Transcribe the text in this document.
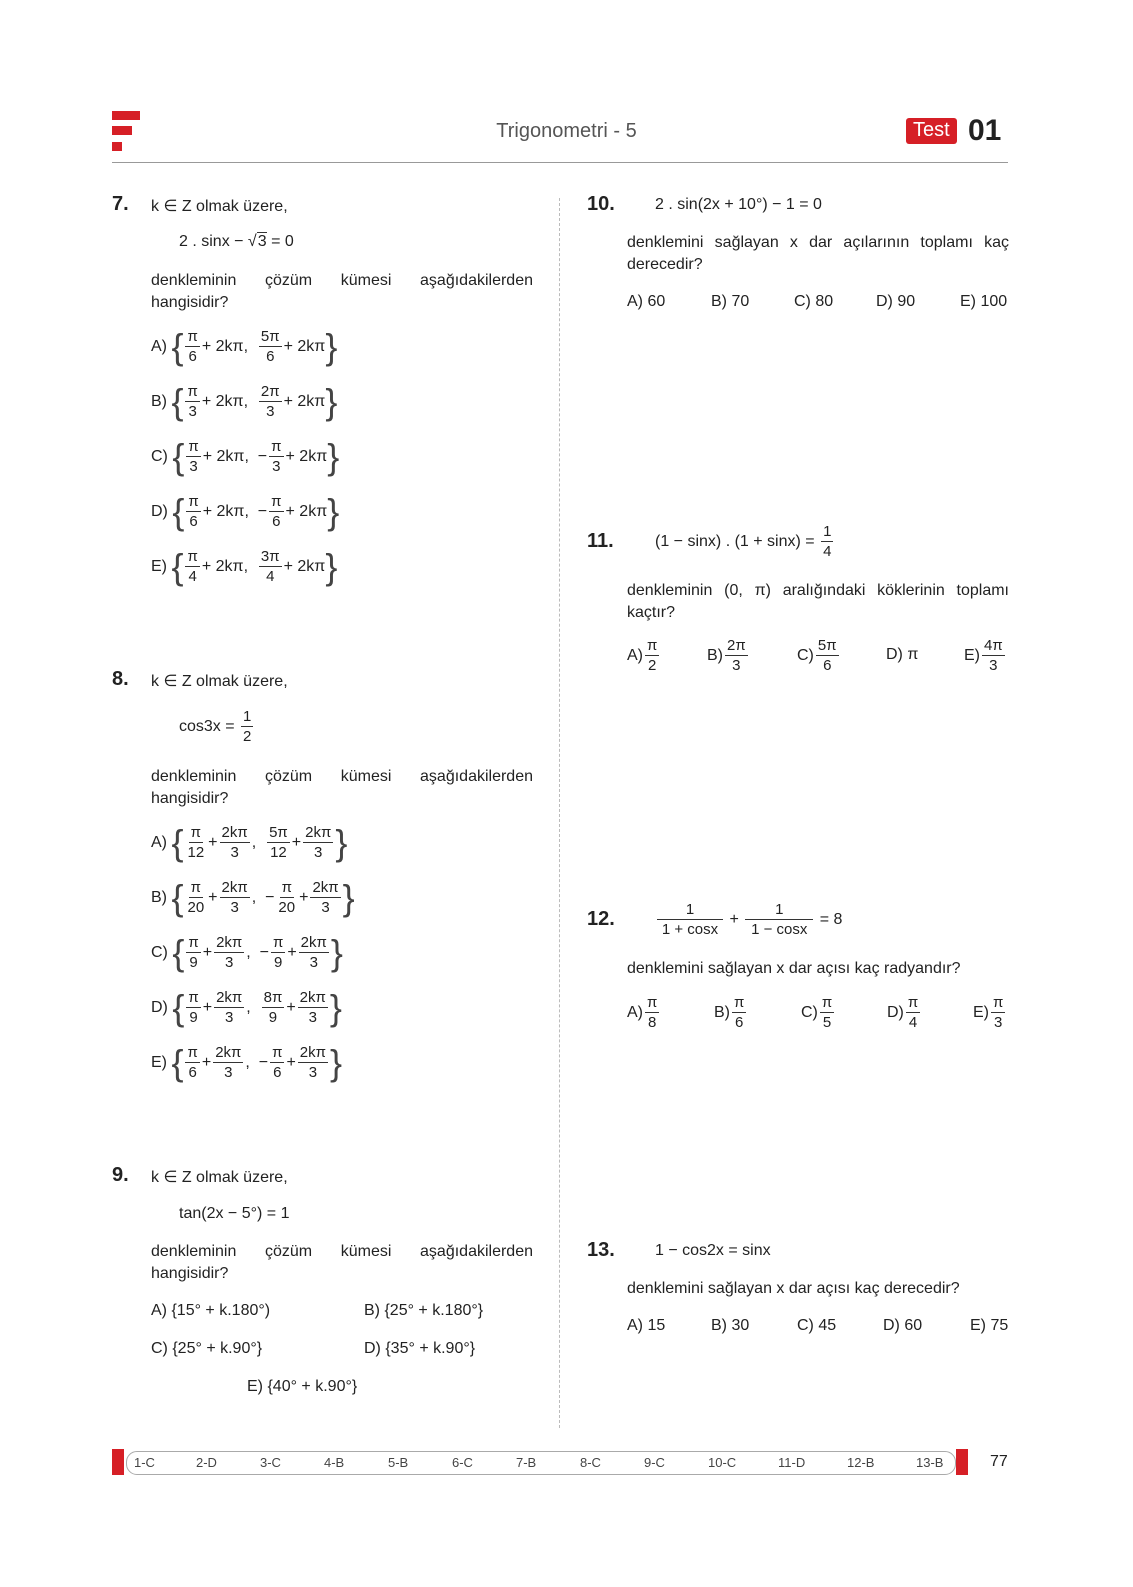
Trigonometri - 5	Test 01
7. k ∈ Z olmak üzere,
2 . sinx − √3 = 0
denkleminin çözüm kümesi aşağıdakilerden hangisidir?
A)
{ $\frac{\pi}{6} + 2k\pi$,
$\frac{5\pi}{6} + 2k\pi$ }
B)
{ $\frac{\pi}{3} + 2k\pi$,
$\frac{2\pi}{3} + 2k\pi$ }
C)
{ $\frac{\pi}{3} + 2k\pi$,
− $\frac{\pi}{3} + 2k\pi$ }
D)
{ $\frac{\pi}{6} + 2k\pi$,
− $\frac{\pi}{6} + 2k\pi$ }
E)
{ $\frac{\pi}{4} + 2k\pi$,
$\frac{3\pi}{4} + 2k\pi$ }
8. k ∈ Z olmak üzere,
cos3x =
$\frac{1}{2}$
denkleminin çözüm kümesi aşağıdakilerden hangisidir?
A)
{ $\frac{\pi}{12} + \frac{2k\pi}{3}$ ,
$\frac{5\pi}{12} + \frac{2k\pi}{3}$ }
B)
{ $\frac{\pi}{20} + \frac{2k\pi}{3}$ ,
− $\frac{\pi}{20} + \frac{2k\pi}{3}$ }
C)
{ $\frac{\pi}{9} + \frac{2k\pi}{3}$ ,
− $\frac{\pi}{9} + \frac{2k\pi}{3}$ }
D)
{ $\frac{\pi}{9} + \frac{2k\pi}{3}$ ,
$\frac{8\pi}{9} + \frac{2k\pi}{3}$ }
E)
{ $\frac{\pi}{6} + \frac{2k\pi}{3}$ ,
− $\frac{\pi}{6} + \frac{2k\pi}{3}$ }
9. k ∈ Z olmak üzere,
tan(2x − 5°) = 1
denkleminin çözüm kümesi aşağıdakilerden hangisidir?
A) {15° + k.180°)	B) {25° + k.180°}
C) {25° + k.90°}	D) {35° + k.90°}
E) {40° + k.90°}
10.	2 . sin(2x + 10°) − 1 = 0
denklemini sağlayan x dar açılarının toplamı kaç derecedir?
A) 60	B) 70	C) 80	D) 90	E) 100
11.	(1 − sinx) . (1 + sinx) =
$\frac{1}{4}$
denkleminin (0, π) aralığındaki köklerinin toplamı kaçtır?
$A) \frac{\pi}{2}$	$B) \frac{2\pi}{3}$	$C) \frac{5\pi}{6}$	D) π	$E) \frac{4\pi}{3}$
12.	$\frac{1}{1 + \cos x}$
+
$\frac{1}{1 - \cos x}$
= 8
denklemini sağlayan x dar açısı kaç radyandır?
$A) \frac{\pi}{8}$	$B) \frac{\pi}{6}$	$C) \frac{\pi}{5}$	$D) \frac{\pi}{4}$	$E) \frac{\pi}{3}$
13.	1 − cos2x = sinx
denklemini sağlayan x dar açısı kaç derecedir?
A) 15	B) 30	C) 45	D) 60	E) 75
1-C	2-D	3-C	4-B	5-B	6-C	7-B	8-C	9-C	10-C	11-D	12-B	13-B	77
